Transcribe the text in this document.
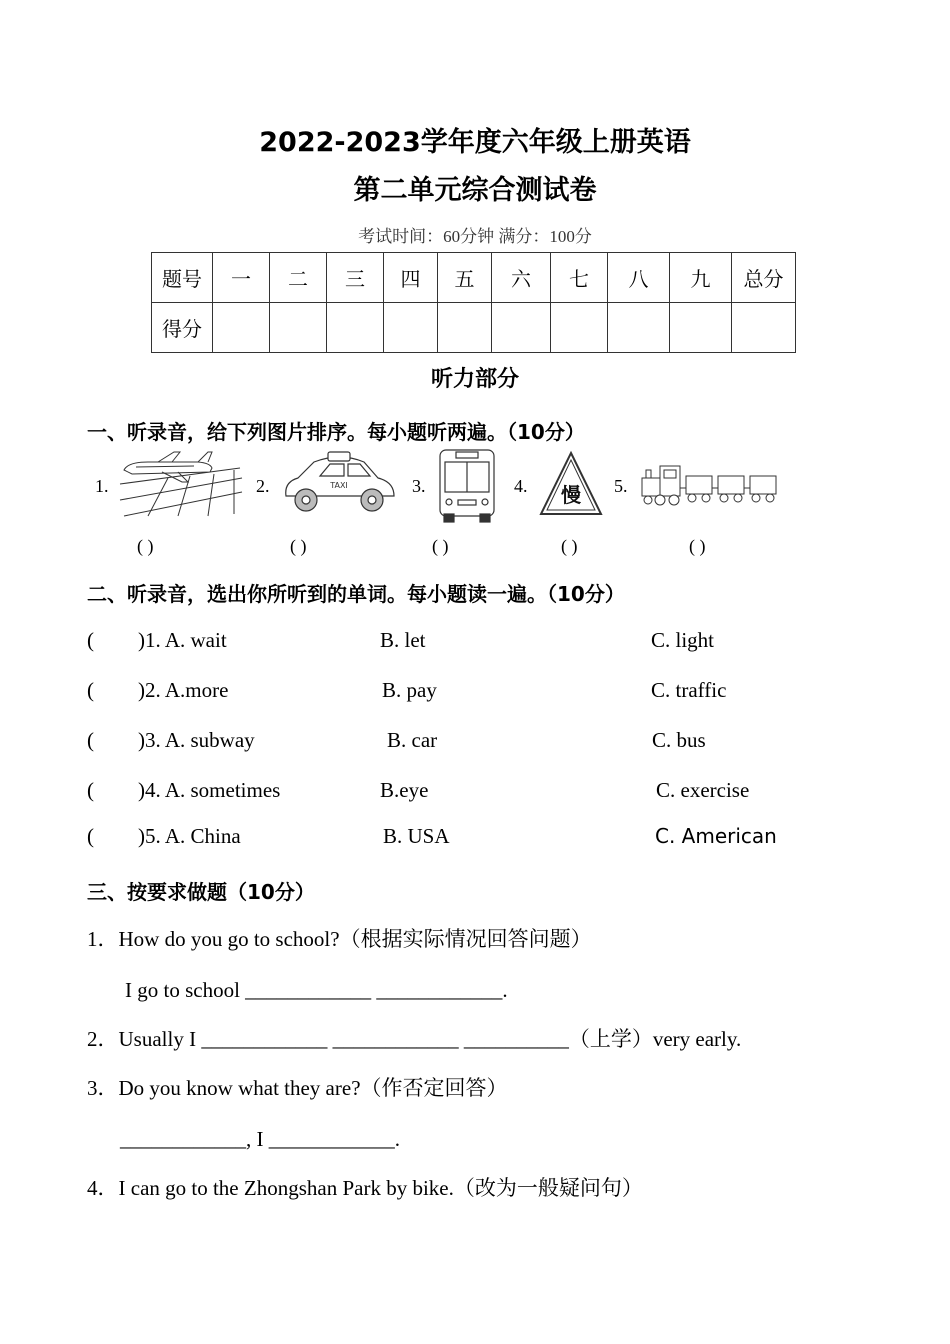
2022-2023学年度六年级上册英语
第二单元综合测试卷
考试时间：60分钟 满分：100分
题号	一	二	三	四	五	六	七	八	九	总分
得分										
听力部分
一、听录音，给下列图片排序。每小题听两遍。（10分）
1.	2.	TAXI	3.	4. 慢 5.
( )	( )	( )	( )	( )
二、听录音，选出你所听到的单词。每小题读一遍。（10分）
( )1. A. wait	B. let	C. light
( )2. A.more	B. pay	C. traffic
( )3. A. subway	B. car	C. bus
( )4. A. sometimes	B.eye	C. exercise
( )5. A. China	B. USA	C. American
三、按要求做题（10分）
1．How do you go to school?（根据实际情况回答问题）
I go to school ____________ ____________.
2．Usually I ____________ ____________ __________（上学）very early.
3．Do you know what they are?（作否定回答）
____________, I ____________.
4．I can go to the Zhongshan Park by bike.（改为一般疑问句）
